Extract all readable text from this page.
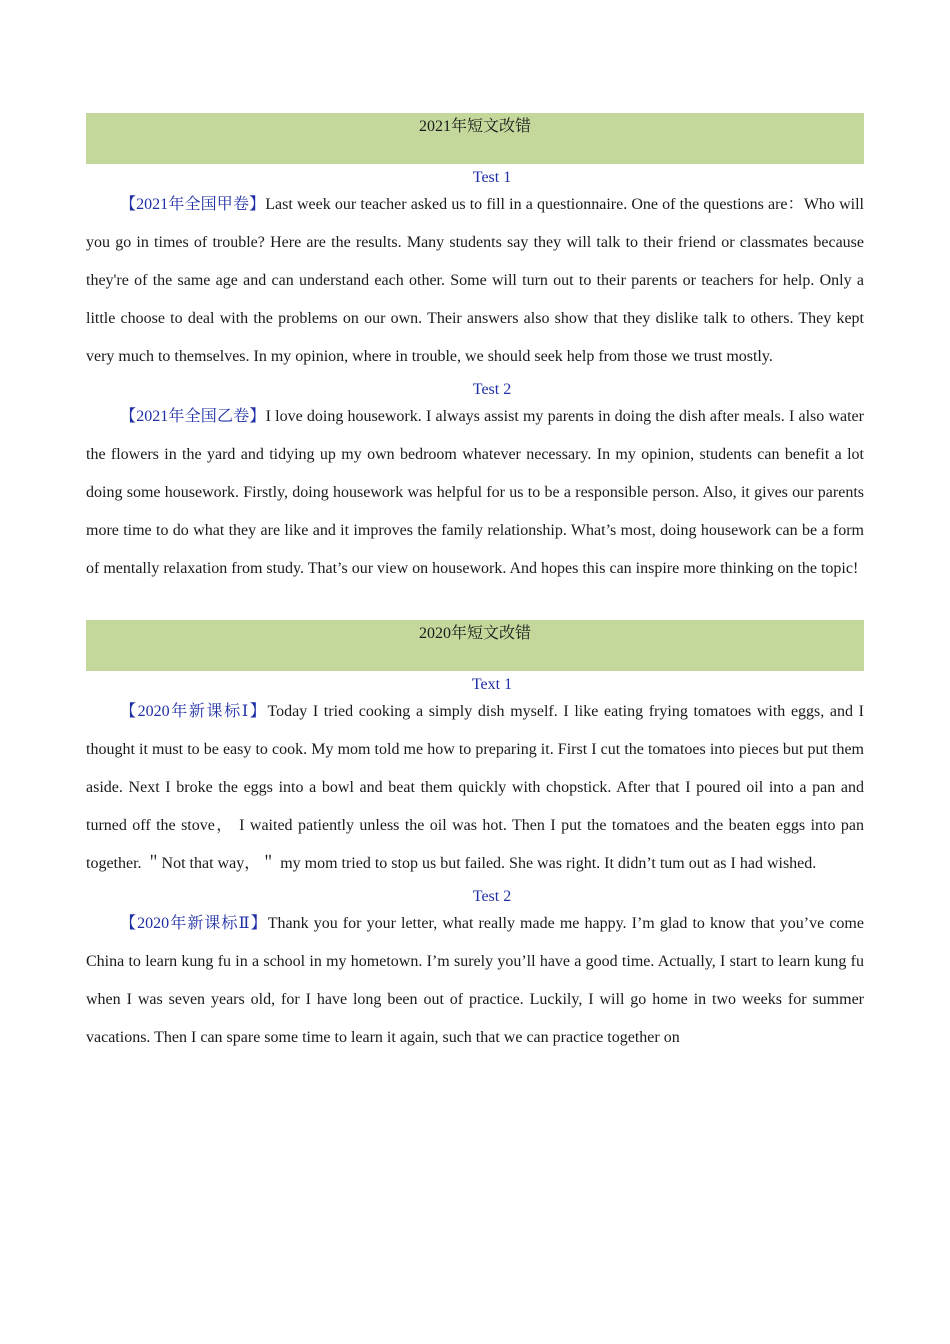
2021年短文改错
Test 1

【2021年全国甲卷】Last week our teacher asked us to fill in a questionnaire. One of the questions are：Who will you go in times of trouble? Here are the results. Many students say they will talk to their friend or classmates because they're of the same age and can understand each other. Some will turn out to their parents or teachers for help. Only a little choose to deal with the problems on our own. Their answers also show that they dislike talk to others. They kept very much to themselves. In my opinion, where in trouble, we should seek help from those we trust mostly.

Test 2

【2021年全国乙卷】I love doing housework. I always assist my parents in doing the dish after meals. I also water the flowers in the yard and tidying up my own bedroom whatever necessary. In my opinion, students can benefit a lot doing some housework. Firstly, doing housework was helpful for us to be a responsible person. Also, it gives our parents more time to do what they are like and it improves the family relationship. What’s most, doing housework can be a form of mentally relaxation from study. That’s our view on housework. And hopes this can inspire more thinking on the topic!

2020年短文改错
Text 1

【2020年新课标Ⅰ】Today I tried cooking a simply dish myself. I like eating frying tomatoes with eggs, and I thought it must to be easy to cook. My mom told me how to preparing it. First I cut the tomatoes into pieces but put them aside. Next I broke the eggs into a bowl and beat them quickly with chopstick. After that I poured oil into a pan and turned off the stove， I waited patiently unless the oil was hot. Then I put the tomatoes and the beaten eggs into pan together. ＂Not that way，＂ my mom tried to stop us but failed. She was right. It didn’t tum out as I had wished.

Test 2

【2020年新课标Ⅱ】Thank you for your letter, what really made me happy. I’m glad to know that you’ve come China to learn kung fu in a school in my hometown. I’m surely you’ll have a good time. Actually, I start to learn kung fu when I was seven years old, for I have long been out of practice. Luckily, I will go home in two weeks for summer vacations. Then I can spare some time to learn it again, such that we can practice together on
